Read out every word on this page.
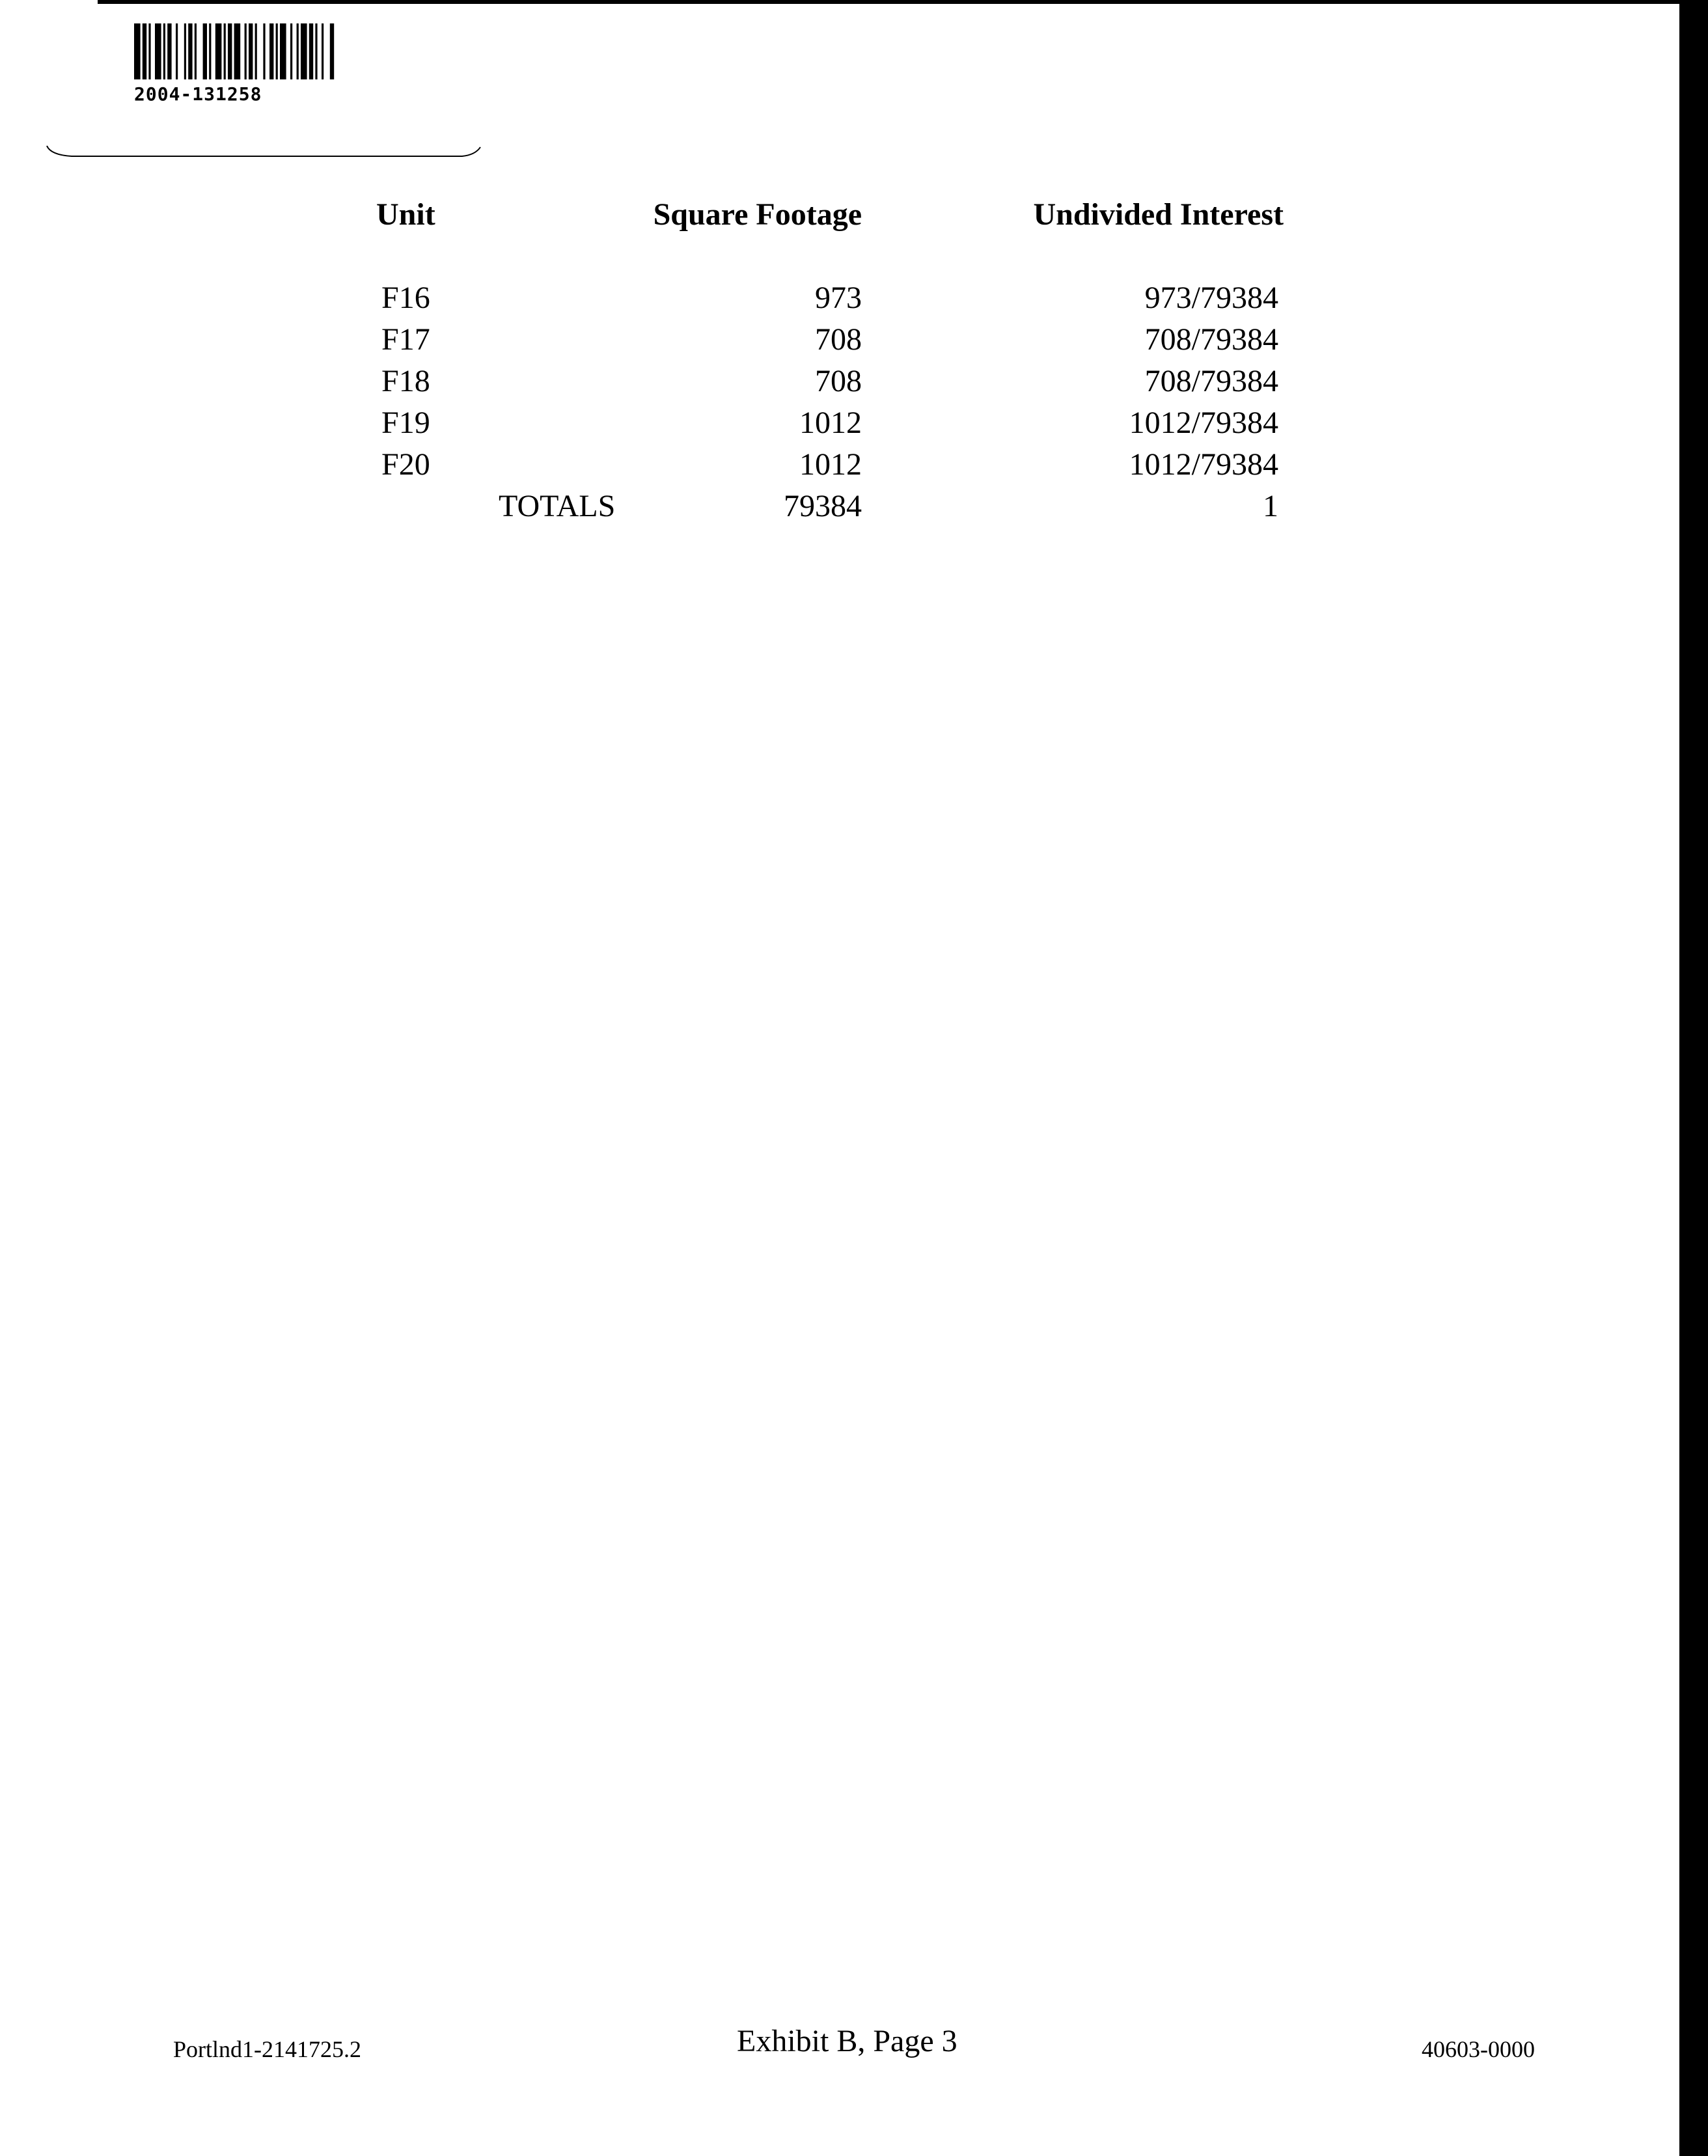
2004-131258
Unit	Square Footage	Undivided Interest
F16	973	973/79384
F17	708	708/79384
F18	708	708/79384
F19	1012	1012/79384
F20	1012	1012/79384
TOTALS	79384	1
Portlnd1-2141725.2	Exhibit B, Page 3	40603-0000
